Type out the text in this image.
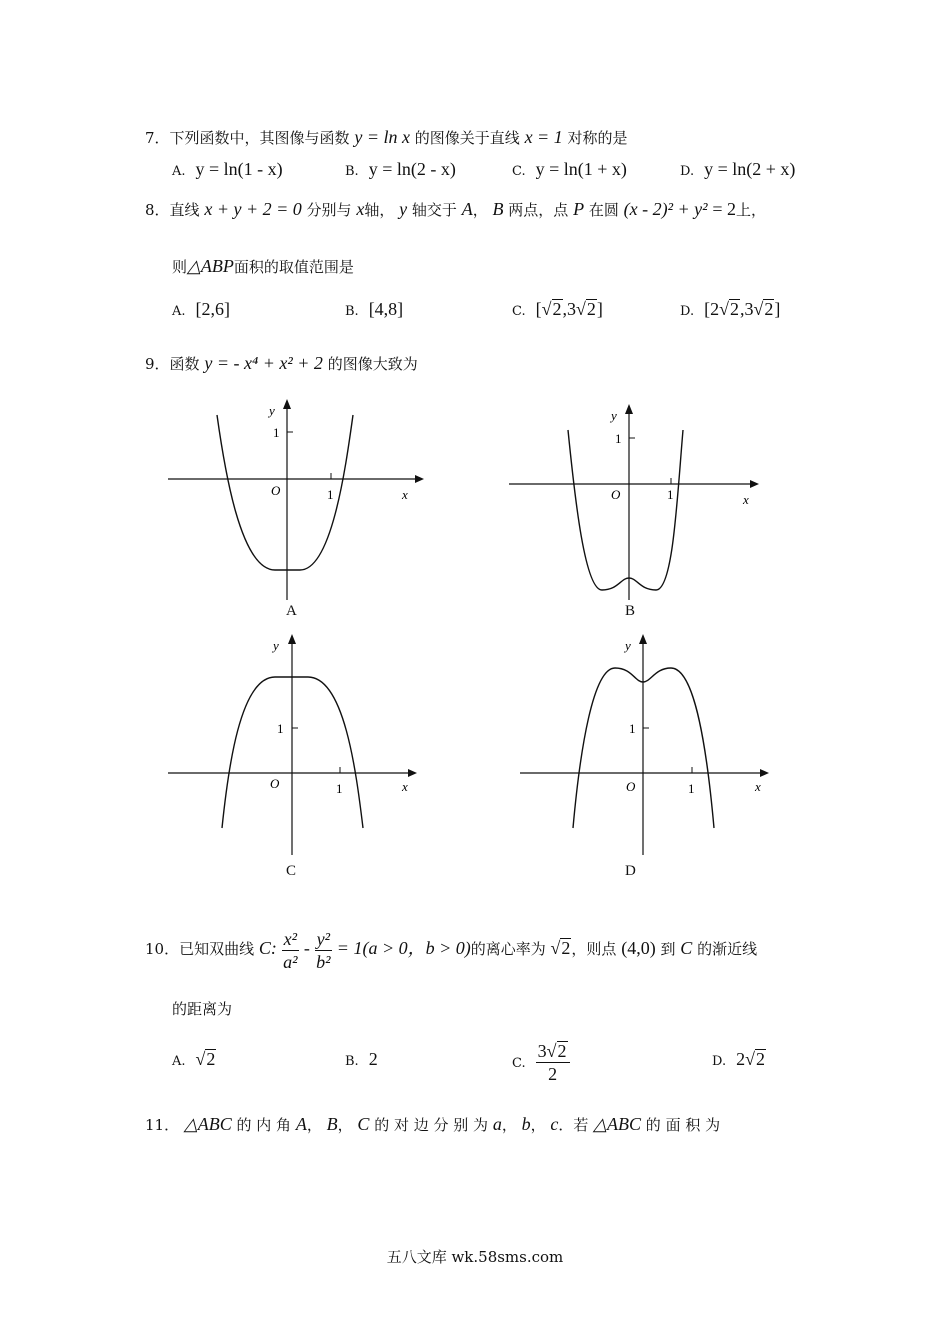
7．下列函数中，其图像与函数 y = ln x 的图像关于直线 x = 1 对称的是
A. y = ln(1 - x)	B. y = ln(2 - x)	C. y = ln(1 + x)	D. y = ln(2 + x)
8．直线 x + y + 2 = 0 分别与 x轴， y 轴交于 A， B 两点，点 P 在圆 (x - 2)² + y² = 2上，
则△ABP面积的取值范围是
A. [2,6]	B. [4,8]	C. [√2,3√2]	D. [2√2,3√2]
9．函数 y = - x⁴ + x² + 2 的图像大致为
y
1
O	1	x
A
y
1
O	1	x
B
y
1
O	1	x
C
y
1
O	1	x
D
10．已知双曲线 C: $\frac{\text{x²}}{\text{a²}} - \frac{\text{y²}}{\text{b²}} = 1(a > 0$，b > 0)的离心率为 √2，则点 (4,0) 到 C 的渐近线
的距离为
A. √2	B. 2	C. $\frac{3√2}{2}$	D. 2√2
11． △ABC 的 内 角 A， B， C 的 对 边 分 别 为 a， b， c．若 △ABC 的 面 积 为
五八文库 wk.58sms.com
